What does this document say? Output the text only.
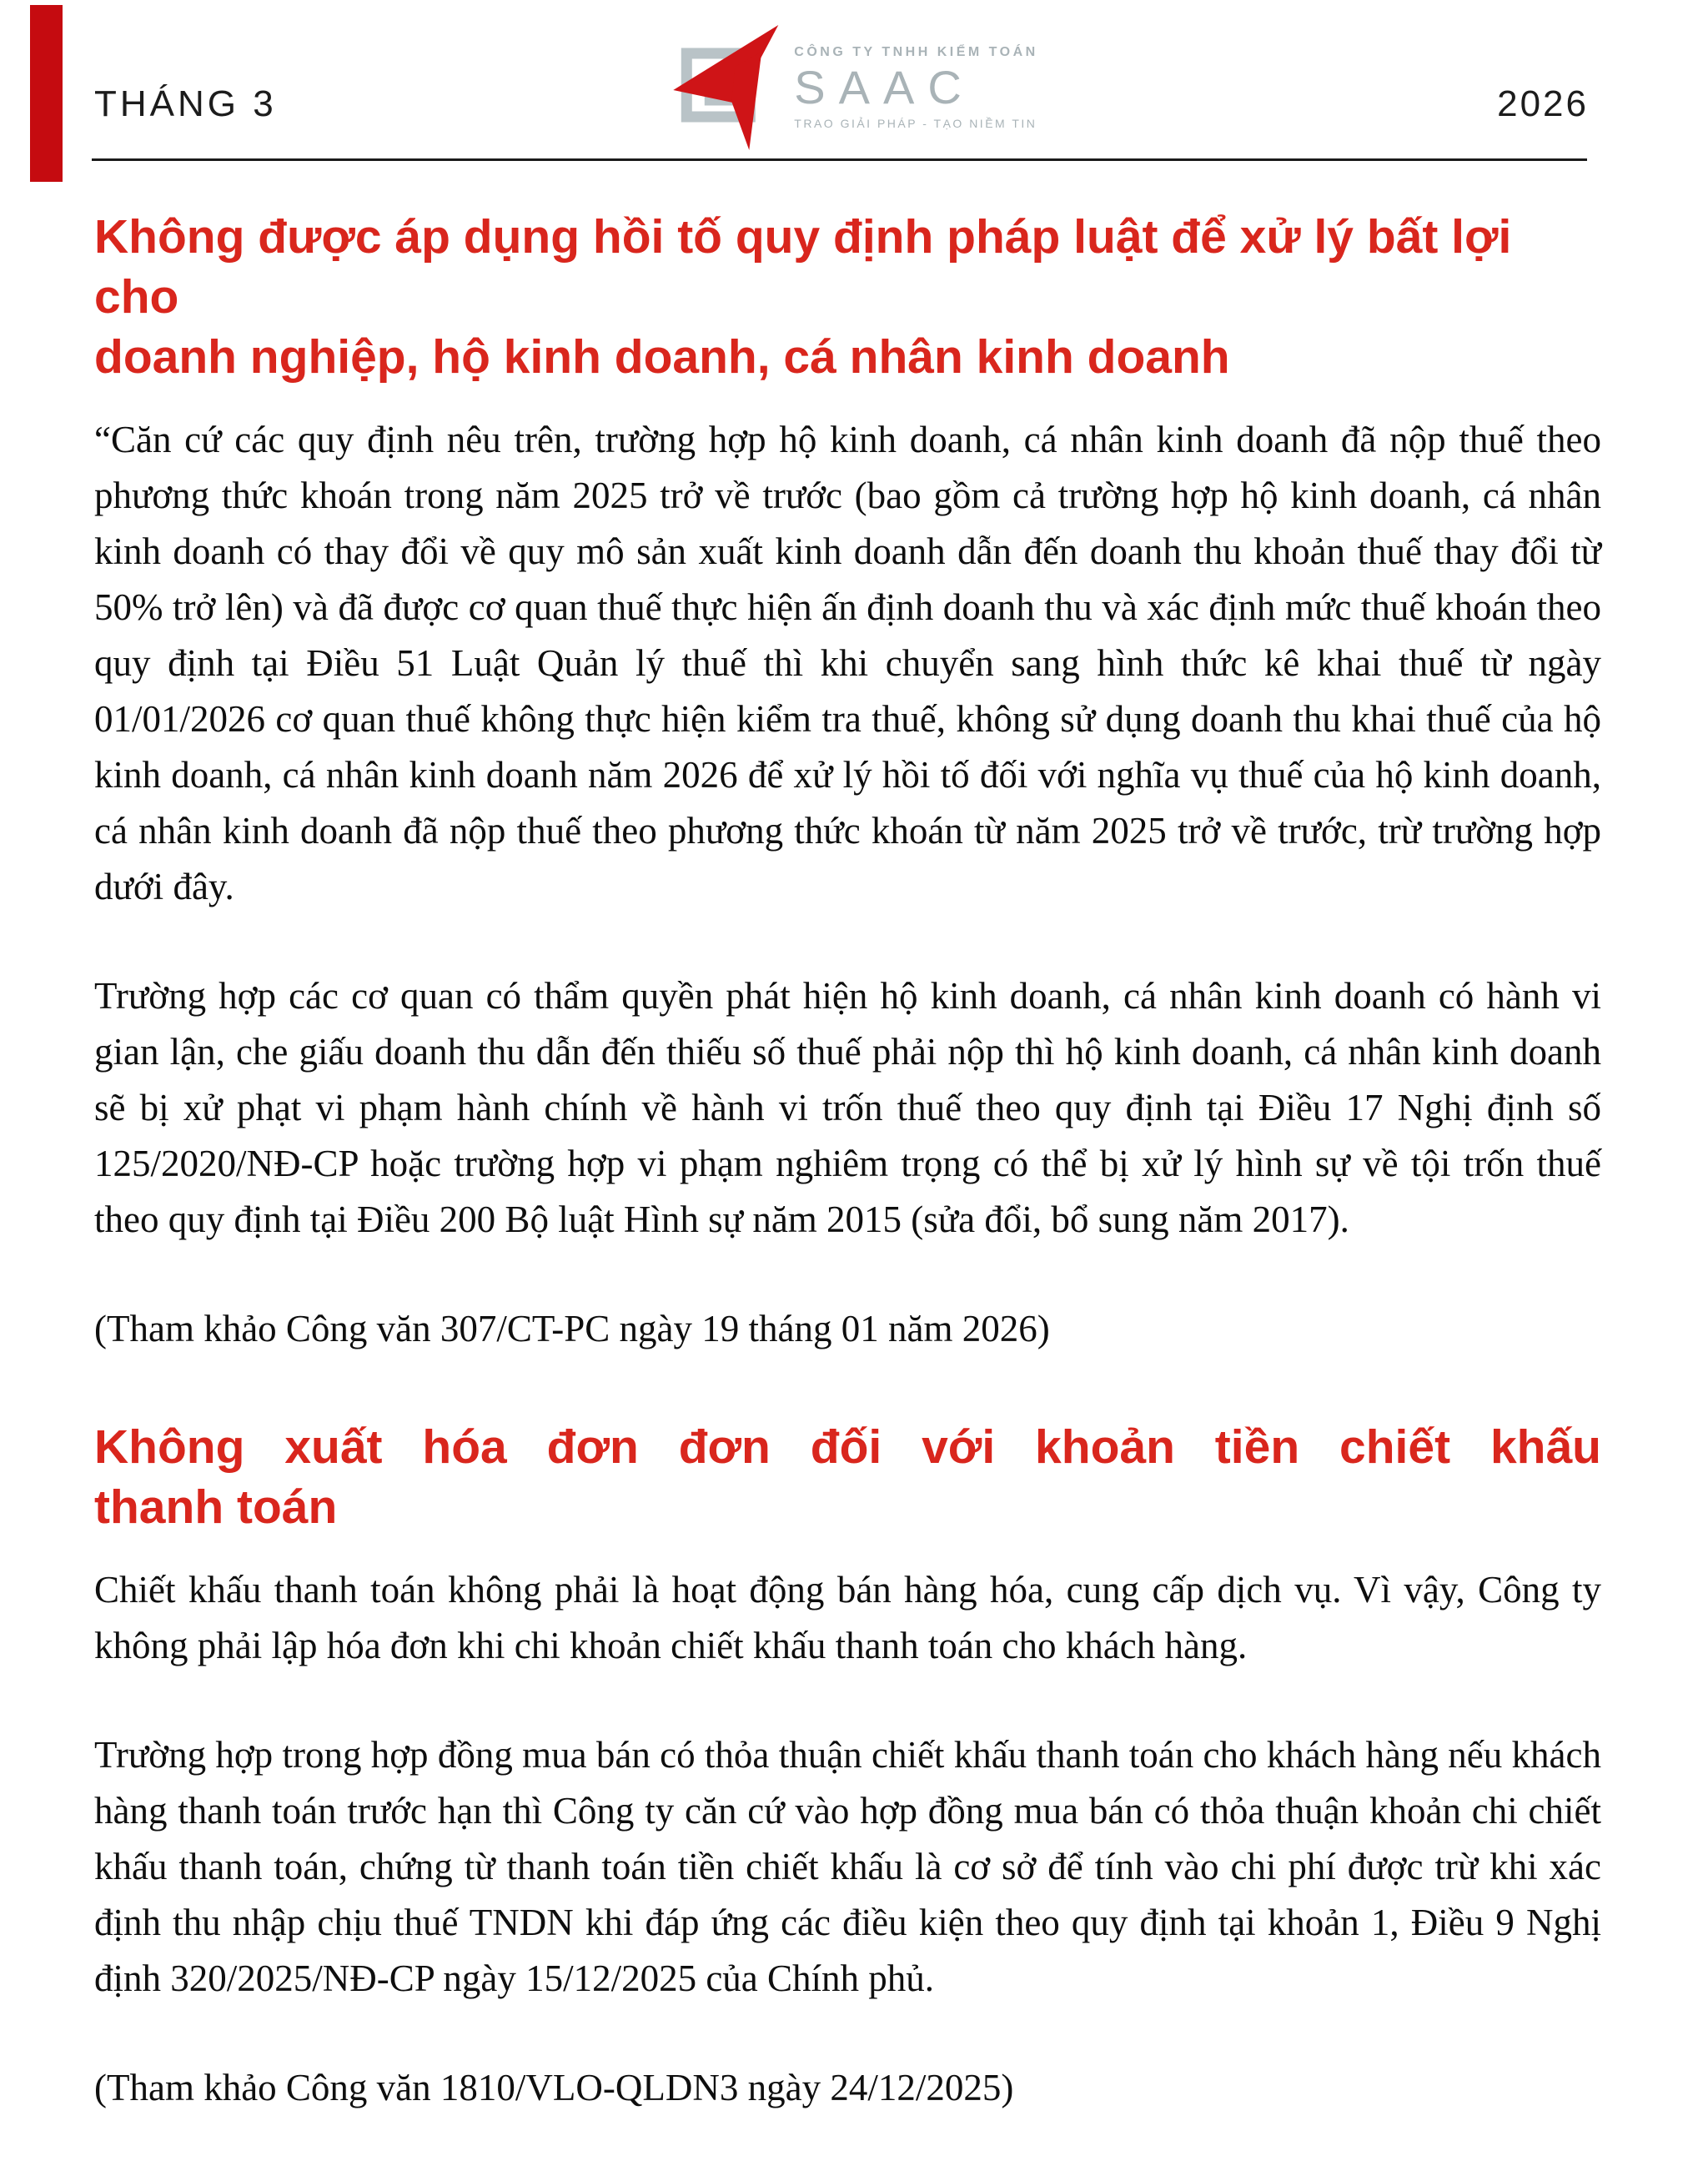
THÁNG 3
CÔNG TY TNHH KIỂM TOÁN
SAAC
TRAO GIẢI PHÁP - TẠO NIỀM TIN	2026
Không được áp dụng hồi tố quy định pháp luật để xử lý bất lợi cho
doanh nghiệp, hộ kinh doanh, cá nhân kinh doanh

“Căn cứ các quy định nêu trên, trường hợp hộ kinh doanh, cá nhân kinh doanh đã nộp thuế theo phương thức khoán trong năm 2025 trở về trước (bao gồm cả trường hợp hộ kinh doanh, cá nhân kinh doanh có thay đổi về quy mô sản xuất kinh doanh dẫn đến doanh thu khoản thuế thay đổi từ 50% trở lên) và đã được cơ quan thuế thực hiện ấn định doanh thu và xác định mức thuế khoán theo quy định tại Điều 51 Luật Quản lý thuế thì khi chuyển sang hình thức kê khai thuế từ ngày 01/01/2026 cơ quan thuế không thực hiện kiểm tra thuế, không sử dụng doanh thu khai thuế của hộ kinh doanh, cá nhân kinh doanh năm 2026 để xử lý hồi tố đối với nghĩa vụ thuế của hộ kinh doanh, cá nhân kinh doanh đã nộp thuế theo phương thức khoán từ năm 2025 trở về trước, trừ trường hợp dưới đây.

Trường hợp các cơ quan có thẩm quyền phát hiện hộ kinh doanh, cá nhân kinh doanh có hành vi gian lận, che giấu doanh thu dẫn đến thiếu số thuế phải nộp thì hộ kinh doanh, cá nhân kinh doanh sẽ bị xử phạt vi phạm hành chính về hành vi trốn thuế theo quy định tại Điều 17 Nghị định số 125/2020/NĐ-CP hoặc trường hợp vi phạm nghiêm trọng có thể bị xử lý hình sự về tội trốn thuế theo quy định tại Điều 200 Bộ luật Hình sự năm 2015 (sửa đổi, bổ sung năm 2017).

(Tham khảo Công văn 307/CT-PC ngày 19 tháng 01 năm 2026)

Không xuất hóa đơn đơn đối với khoản tiền chiết khấu
thanh toán

Chiết khấu thanh toán không phải là hoạt động bán hàng hóa, cung cấp dịch vụ. Vì vậy, Công ty không phải lập hóa đơn khi chi khoản chiết khấu thanh toán cho khách hàng.

Trường hợp trong hợp đồng mua bán có thỏa thuận chiết khấu thanh toán cho khách hàng nếu khách hàng thanh toán trước hạn thì Công ty căn cứ vào hợp đồng mua bán có thỏa thuận khoản chi chiết khấu thanh toán, chứng từ thanh toán tiền chiết khấu là cơ sở để tính vào chi phí được trừ khi xác định thu nhập chịu thuế TNDN khi đáp ứng các điều kiện theo quy định tại khoản 1, Điều 9 Nghị định 320/2025/NĐ-CP ngày 15/12/2025 của Chính phủ.

(Tham khảo Công văn 1810/VLO-QLDN3 ngày 24/12/2025)
